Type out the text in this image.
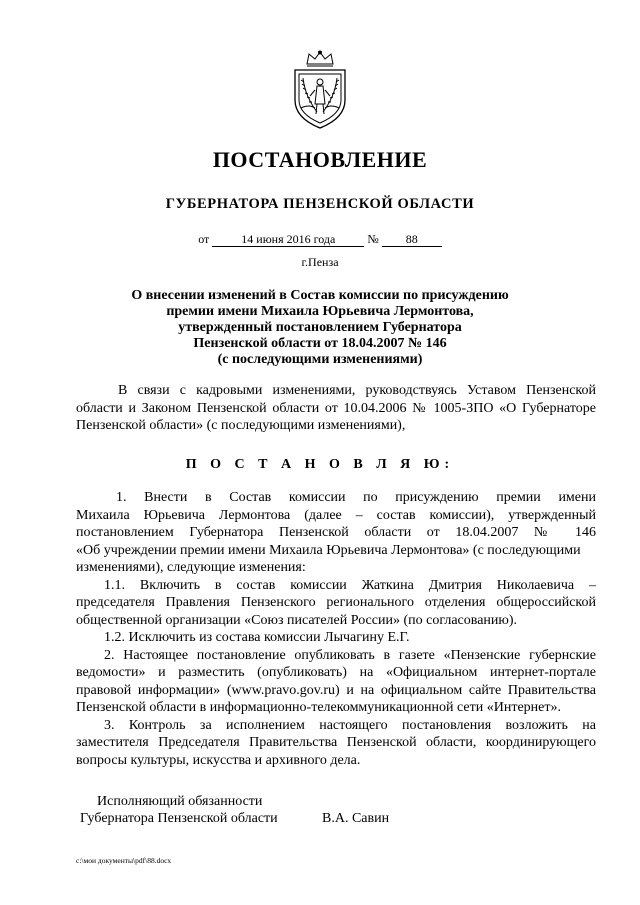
ПОСТАНОВЛЕНИЕ
ГУБЕРНАТОРА ПЕНЗЕНСКОЙ ОБЛАСТИ
от	14 июня 2016 года	№ 88
г.Пенза
О внесении изменений в Состав комиссии по присуждению
премии имени Михаила Юрьевича Лермонтова,
утвержденный постановлением Губернатора
Пензенской области от 18.04.2007 № 146
(с последующими изменениями)
В связи с кадровыми изменениями, руководствуясь Уставом Пензенской
области и Законом Пензенской области от 10.04.2006 № 1005-ЗПО «О Губернаторе
Пензенской области» (с последующими изменениями),
П О С Т А Н О В Л Я Ю:
1. Внести в Состав комиссии по присуждению премии имени
Михаила Юрьевича Лермонтова (далее – состав комиссии), утвержденный
постановлением Губернатора Пензенской области от 18.04.2007 № 146
«Об учреждении премии имени Михаила Юрьевича Лермонтова» (с последующими
изменениями), следующие изменения:
1.1. Включить в состав комиссии Жаткина Дмитрия Николаевича –
председателя Правления Пензенского регионального отделения общероссийской
общественной организации «Союз писателей России» (по согласованию).
1.2. Исключить из состава комиссии Лычагину Е.Г.
2. Настоящее постановление опубликовать в газете «Пензенские губернские
ведомости» и разместить (опубликовать) на «Официальном интернет-портале
правовой информации» (www.pravo.gov.ru) и на официальном сайте Правительства
Пензенской области в информационно-телекоммуникационной сети «Интернет».
3. Контроль за исполнением настоящего постановления возложить на
заместителя Председателя Правительства Пензенской области, координирующего
вопросы культуры, искусства и архивного дела.
Исполняющий обязанности
Губернатора Пензенской области	В.А. Савин
c:\мои документы\pdf\88.docx
